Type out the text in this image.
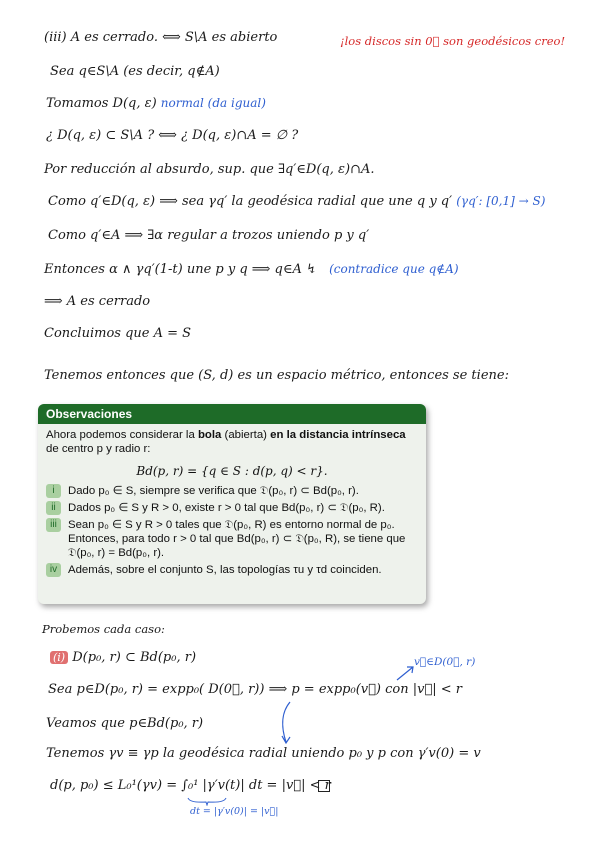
(iii) A es cerrado. ⟺ S\A es abierto	¡los discos sin 0⃗ son geodésicos creo!
Sea q∈S\A (es decir, q∉A)
Tomamos D(q, ε) normal (da igual)
¿ D(q, ε) ⊂ S\A ? ⟺ ¿ D(q, ε)∩A = ∅ ?
Por reducción al absurdo, sup. que ∃q′∈D(q, ε)∩A.
Como q′∈D(q, ε) ⟹ sea γq′ la geodésica radial que une q y q′ (γq′: [0,1] → S)
Como q′∈A ⟹ ∃α regular a trozos uniendo p y q′
Entonces α ∧ γq′(1-t) une p y q ⟹ q∈A ↯ (contradice que q∉A)
⟹ A es cerrado
Concluimos que A = S
Tenemos entonces que (S, d) es un espacio métrico, entonces se tiene:
Observaciones
Ahora podemos considerar la bola (abierta) en la distancia intrínseca
de centro p y radio r:
Bd(p, r) = {q ∈ S : d(p, q) < r}.
i	Dado p₀ ∈ S, siempre se verifica que 𝔇(p₀, r) ⊂ Bd(p₀, r).
ii	Dados p₀ ∈ S y R > 0, existe r > 0 tal que Bd(p₀, r) ⊂ 𝔇(p₀, R).
iii Sean p₀ ∈ S y R > 0 tales que 𝔇(p₀, R) es entorno normal de p₀. Entonces, para todo r > 0 tal que Bd(p₀, r) ⊂ 𝔇(p₀, R), se tiene que 𝔇(p₀, r) = Bd(p₀, r).
iv Además, sobre el conjunto S, las topologías τu y τd coinciden.
Probemos cada caso:
(i) D(p₀, r) ⊂ Bd(p₀, r)	v⃗∈D(0⃗, r)
Sea p∈D(p₀, r) = expp₀( D(0⃗, r)) ⟹ p = expp₀(v⃗) con |v⃗| < r
Veamos que p∈Bd(p₀, r)
Tenemos γv ≡ γp la geodésica radial uniendo p₀ y p con γ′v(0) = v
d(p, p₀) ≤ L₀¹(γv) = ∫₀¹ |γ′v(t)| dt = |v⃗| < r
dt = |γ′v(0)| = |v⃗|
